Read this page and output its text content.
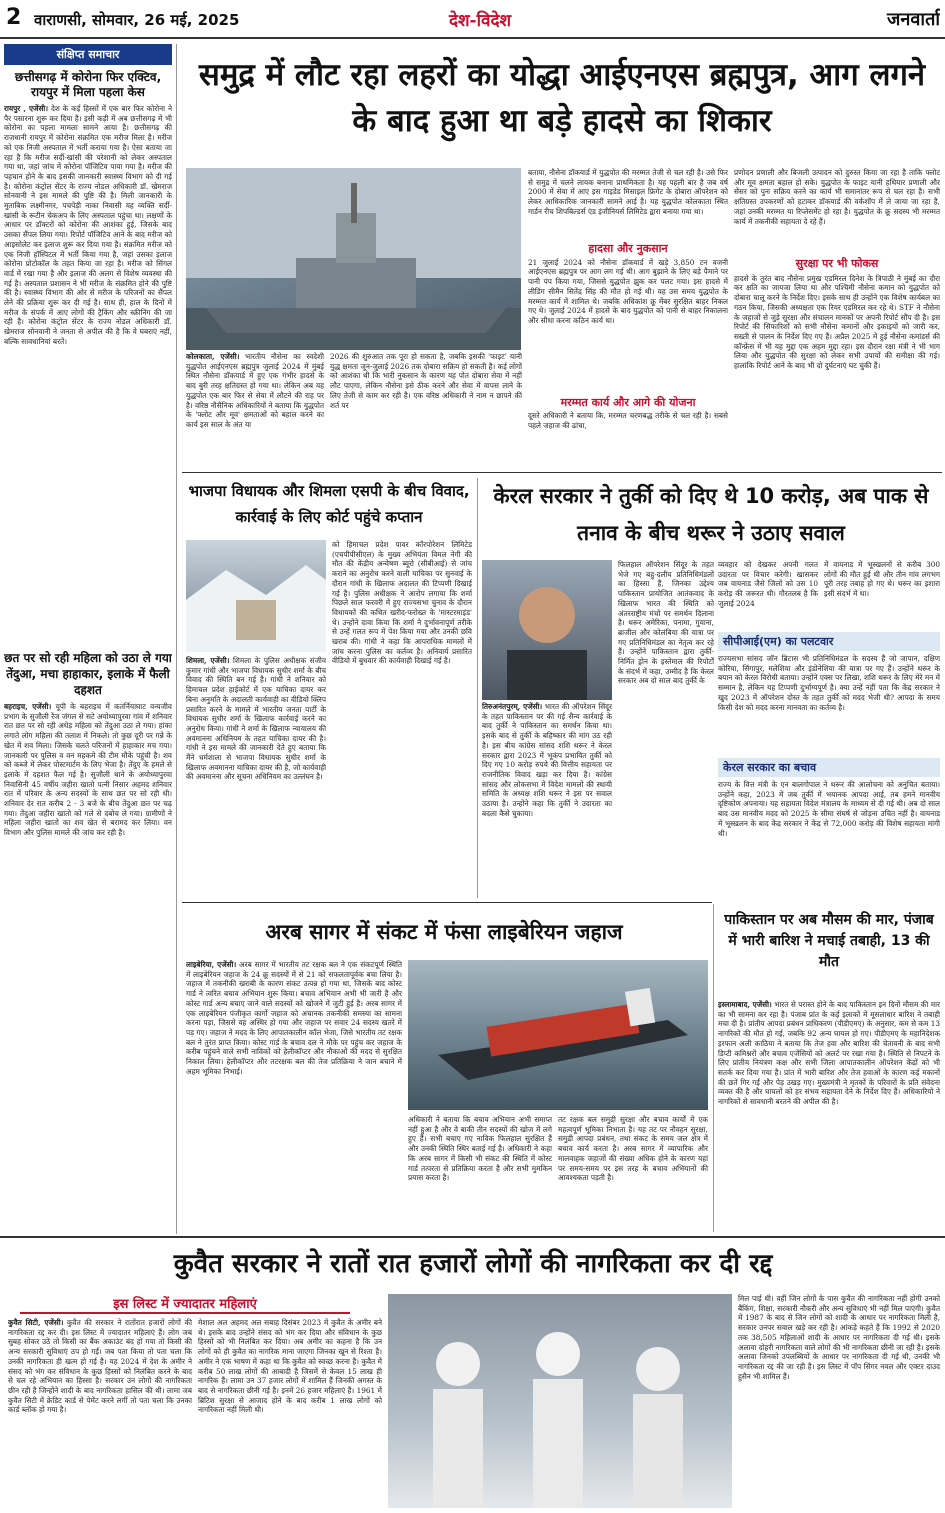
2 वाराणसी, सोमवार, 26 मई, 2025	देश-विदेश	जनवार्ता
संक्षिप्त समाचार
छत्तीसगढ़ में कोरोना फिर एक्टिव, रायपुर में मिला पहला केस
रायपुर , एजेंसी। देश के कई हिस्सों में एक बार फिर कोरोना ने पैर पसारना शुरू कर दिया है। इसी कड़ी में अब छत्तीसगढ़ में भी कोरोना का पहला मामला सामने आया है। छत्तीसगढ़ की राजधानी रायपुर में कोरोना संक्रमित एक मरीज मिला है। मरीज को एक निजी अस्पताल में भर्ती कराया गया है। ऐसा बताया जा रहा है कि मरीज सर्दी-खांसी की परेशानी को लेकर अस्पताल गया था, जहां जांच में कोरोना पॉजिटिव पाया गया है। मरीज की पहचान होने के बाद इसकी जानकारी स्वास्थ्य विभाग को दी गई है। कोरोना कंट्रोल सेंटर के राज्य नोडल अधिकारी डॉ. खेमराज सोनवानी ने इस मामले की पुष्टि की है। मिली जानकारी के मुताबिक लक्ष्मीनगर, पचपेड़ी नाका निवासी यह व्यक्ति सर्दी-खांसी के रूटीन चेकअप के लिए अस्पताल पहुंचा था। लक्षणों के आधार पर डॉक्टरों को कोरोना की आशंका हुई, जिसके बाद उसका सैंपल लिया गया। रिपोर्ट पॉजिटिव आने के बाद मरीज को आइसोलेट कर इलाज शुरू कर दिया गया है। संक्रमित मरीज को एक निजी हॉस्पिटल में भर्ती किया गया है, जहां उसका इलाज कोरोना प्रोटोकॉल के तहत किया जा रहा है। मरीज को सिंगल वार्ड में रखा गया है और इलाज की अलग से विशेष व्यवस्था की गई है। अस्पताल प्रशासन ने भी मरीज के संक्रमित होने की पुष्टि की है। स्वास्थ्य विभाग की ओर से मरीज के परिजनों का सैंपल लेने की प्रक्रिया शुरू कर दी गई है। साथ ही, हाल के दिनों में मरीज के संपर्क में आए लोगों की ट्रैकिंग और स्क्रीनिंग की जा रही है। कोरोना कंट्रोल सेंटर के राज्य नोडल अधिकारी डॉ. खेमराज सोनवानी ने जनता से अपील की है कि वे घबराएं नहीं, बल्कि सावधानियां बरतें।
छत पर सो रही महिला को उठा ले गया तेंदुआ, मचा हाहाकार, इलाके में फैली दहशत
बहराइच, एजेंसी। यूपी के बहराइच में कतर्नियाघाट वन्यजीव प्रभाग के सुजौली रेंज जंगल से सटे अयोध्यापुरवा गांव में शनिवार रात छत पर सो रही अधेड़ महिला को तेंदुआ उठा ले गया। हांका लगाते लोग महिला की तलाश में निकले। तो कुछ दूरी पर गन्ने के खेत में शव मिला। जिसके चलते परिजनों में हाहाकार मच गया। जानकारी पर पुलिस व वन महकमे की टीम मौके पहुंची है। शव को कब्जे में लेकर पोस्टमार्टम के लिए भेजा है। तेंदुए के हमले से इलाके में दहशत फैल गई है। सुजौली थाने के अयोध्यापुरवा निवासिनी 45 वर्षीय जहीरा खातो पत्नी निसार अहमद शनिवार रात में परिवार के अन्य सदस्यों के साथ छत पर सो रही थी। शनिवार देर रात करीब 2 - 3 बजे के बीच तेंदुआ छत पर चढ़ गया। तेंदुआ जहीरा खातो को गले से दबोच ले गया। ग्रामीणों ने महिला जहीरा खातो का शव खेत से बरामद कर लिया। वन विभाग और पुलिस मामले की जांच कर रही है।
समुद्र में लौट रहा लहरों का योद्धा आईएनएस ब्रह्मपुत्र, आग लगने के बाद हुआ था बड़े हादसे का शिकार
कोलकाता, एजेंसी। भारतीय नौसेना का स्वदेशी युद्धपोत आईएनएस ब्रह्मपुत्र जुलाई 2024 में मुंबई स्थित नौसेना डॉकयार्ड में हुए एक गंभीर हादसे के बाद बुरी तरह क्षतिग्रस्त हो गया था। लेकिन अब यह युद्धपोत एक बार फिर से सेवा में लौटने की राह पर है। वरिष्ठ नौसैनिक अधिकारियों ने बताया कि युद्धपोत के 'फ्लोट और मूव' क्षमताओं को बहाल करने का कार्य इस साल के अंत या
2026 की शुरुआत तक पूरा हो सकता है, जबकि इसकी 'फाइट' यानी युद्ध क्षमता जून-जुलाई 2026 तक दोबारा सक्रिय हो सकती है। कई लोगों को आशंका थी कि भारी नुकसान के कारण यह पोत दोबारा सेवा में नहीं लौट पाएगा, लेकिन नौसेना इसे ठीक करने और सेवा में वापस लाने के लिए तेजी से काम कर रही है। एक वरिष्ठ अधिकारी ने नाम न छापने की शर्त पर
बताया, नौसेना डॉकयार्ड में युद्धपोत की मरम्मत तेजी से चल रही है। उसे फिर से समुद्र में चलने लायक बनाना प्राथमिकता है। यह पहली बार है जब वर्ष 2000 में सेवा में आए इस गाइडेड मिसाइल फ्रिगेट के दोबारा ऑपरेशन को लेकर आधिकारिक जानकारी सामने आई है। यह युद्धपोत कोलकाता स्थित गार्डन रीच शिपबिल्डर्स एंड इंजीनियर्स लिमिटेड द्वारा बनाया गया था।
हादसा और नुकसान
21 जुलाई 2024 को नौसेना डॉकयार्ड में खड़े 3,850 टन वजनी आईएनएस ब्रह्मपुत्र पर आग लग गई थी। आग बुझाने के लिए बड़े पैमाने पर पानी पंप किया गया, जिससे युद्धपोत झुक कर पलट गया। इस हादसे में लीडिंग सीमैन सितेंद्र सिंह की मौत हो गई थी। वह उस समय युद्धपोत के मरम्मत कार्य में शामिल थे। जबकि अधिकांश क्रू मेंबर सुरक्षित बाहर निकल गए थे। जुलाई 2024 में हादसे के बाद युद्धपोत को पानी से बाहर निकालना और सीधा करना कठिन कार्य था।
मरम्मत कार्य और आगे की योजना
दूसरे अधिकारी ने बताया कि, मरम्मत चरणबद्ध तरीके से चल रही है। सबसे पहले जहाज की ढांचा,
प्रणोदन प्रणाली और बिजली उत्पादन को दुरुस्त किया जा रहा है ताकि फ्लोट और मूव क्षमता बहाल हो सके। युद्धपोत के फाइट यानी हथियार प्रणाली और सेंसर को पुनः सक्रिय करने का कार्य भी समानांतर रूप से चल रहा है। सभी क्षतिग्रस्त उपकरणों को हटाकर डॉकयार्ड की वर्कशॉप में ले जाया जा रहा है, जहां उनकी मरम्मत या रिप्लेसमेंट हो रहा है। युद्धपोत के क्रू सदस्य भी मरम्मत कार्य में तकनीकी सहायता दे रहे हैं।
सुरक्षा पर भी फोकस
हादसे के तुरंत बाद नौसेना प्रमुख एडमिरल दिनेश के त्रिपाठी ने मुंबई का दौरा कर क्षति का जायजा लिया था और पश्चिमी नौसेना कमान को युद्धपोत को दोबारा चालू करने के निर्देश दिए। इसके साथ ही उन्होंने एक विशेष कार्यबल का गठन किया, जिसकी अध्यक्षता एक रियर एडमिरल कर रहे थे। STF ने नौसेना के जहाजों से जुड़े सुरक्षा और संचालन मानकों पर अपनी रिपोर्ट सौंप दी है। इस रिपोर्ट की सिफारिशों को सभी नौसेना कमानों और इकाइयों को जारी कर, सख्ती से पालन के निर्देश दिए गए हैं। अप्रैल 2025 में हुई नौसेना कमांडर्स की कॉन्फ्रेंस में भी यह मुद्दा एक अहम मुद्दा रहा। इस दौरान रक्षा मंत्री ने भी भाग लिया और युद्धपोत की सुरक्षा को लेकर सभी उपायों की समीक्षा की गई। हालांकि रिपोर्ट आने के बाद भी दो दुर्घटनाएं घट चुकी हैं।
भाजपा विधायक और शिमला एसपी के बीच विवाद, कार्रवाई के लिए कोर्ट पहुंचे कप्तान
शिमला, एजेंसी। शिमला के पुलिस अधीक्षक संजीव कुमार गांधी और भाजपा विधायक सुधीर शर्मा के बीच विवाद की स्थिति बन गई है। गांधी ने शनिवार को हिमाचल प्रदेश हाईकोर्ट में एक याचिका दायर कर बिना अनुमति के अदालती कार्यवाही का वीडियो क्लिप प्रसारित करने के मामले में भारतीय जनता पार्टी के विधायक सुधीर शर्मा के खिलाफ कार्रवाई करने का अनुरोध किया। गांधी ने शर्मा के खिलाफ न्यायालय की अवमानना अधिनियम के तहत याचिका दायर की है। गांधी ने इस मामले की जानकारी देते हुए बताया कि मैंने धर्मशाला से भाजपा विधायक सुधीर शर्मा के खिलाफ अवमानना याचिका दायर की है, जो कार्यवाही की अवमानना और सूचना अधिनियम का उल्लंघन है।
को हिमाचल प्रदेश पावर कॉरपोरेशन लिमिटेड (एचपीपीसीएल) के मुख्य अभियंता विमल नेगी की मौत की केंद्रीय अन्वेषण ब्यूरो (सीबीआई) से जांच कराने का अनुरोध करने वाली याचिका पर सुनवाई के दौरान गांधी के खिलाफ अदालत की टिप्पणी दिखाई गई है। पुलिस अधीक्षक ने आरोप लगाया कि शर्मा पिछले साल फरवरी में हुए राज्यसभा चुनाव के दौरान विधायकों की कथित खरीद-फरोख्त के 'मास्टरमाइंड' थे। उन्होंने दावा किया कि शर्मा ने दुर्भावनापूर्ण तरीके से उन्हें गलत रूप में पेश किया गया और उनकी छवि खराब की। गांधी ने कहा कि आपराधिक मामलों में जांच करना पुलिस का कर्तव्य है। अनिवार्य प्रसारित वीडियो में बुधवार की कार्यवाही दिखाई गई है।
केरल सरकार ने तुर्की को दिए थे 10 करोड़, अब पाक से तनाव के बीच थरूर ने उठाए सवाल
तिरुअनंतपुरम्, एजेंसी। भारत की ऑपरेशन सिंदूर के तहत पाकिस्तान पर की गई सैन्य कार्रवाई के बाद तुर्की ने पाकिस्तान का समर्थन किया था। इसके बाद से तुर्की के बहिष्कार की मांग उठ रही है। इस बीच कांग्रेस सांसद शशि थरूर ने केरल सरकार द्वारा 2023 में भूकंप प्रभावित तुर्की को दिए गए 10 करोड़ रुपये की वित्तीय सहायता पर राजनीतिक विवाद खड़ा कर दिया है। कांग्रेस सांसद और लोकसभा में विदेश मामलों की स्थायी समिति के अध्यक्ष शशि थरूर ने इस पर सवाल उठाया है। उन्होंने कहा कि तुर्की ने उदारता का बदला कैसे चुकाया।
फिलहाल ऑपरेशन सिंदूर के तहत भेजे गए बहु-दलीय प्रतिनिधिमंडलों का हिस्सा हैं, जिनका उद्देश्य पाकिस्तान प्रायोजित आतंकवाद के खिलाफ भारत की स्थिति को अंतरराष्ट्रीय मंचों पर समर्थन दिलाना है। थरूर अमेरिका, पनामा, गुयाना, ब्राजील और कोलंबिया की यात्रा पर गए प्रतिनिधिमंडल का नेतृत्व कर रहे हैं। उन्होंने पाकिस्तान द्वारा तुर्की-निर्मित ड्रोन के इस्तेमाल की रिपोर्टों के संदर्भ में कहा, उम्मीद है कि केरल सरकार अब दो साल बाद तुर्की के
व्यवहार को देखकर अपनी गलत उदारता पर विचार करेगी। खासकर जब वायनाड जैसे जिलों को उस 10 करोड़ की जरूरत थी। गौरतलब है कि जुलाई 2024
में वायनाड में भूस्खलनों से करीब 300 लोगों की मौत हुई थी और तीन गांव लगभग पूरी तरह तबाह हो गए थे। थरूर का इशारा इसी संदर्भ में था।
सीपीआई(एम) का पलटवार
राज्यसभा सांसद जॉन ब्रिटास भी प्रतिनिधिमंडल के सदस्य हैं जो जापान, दक्षिण कोरिया, सिंगापुर, मलेशिया और इंडोनेशिया की यात्रा पर गए हैं। उन्होंने थरूर के बयान को केरल विरोधी बताया। उन्होंने एक्स पर लिखा, शशि थरूर के लिए मेरे मन में सम्मान है, लेकिन यह टिप्पणी दुर्भाग्यपूर्ण है। क्या उन्हें नहीं पता कि केंद्र सरकार ने खुद 2023 में ऑपरेशन दोस्त के तहत तुर्की को मदद भेजी थी? आपदा के समय किसी देश को मदद करना मानवता का कर्तव्य है।
केरल सरकार का बचाव
राज्य के वित्त मंत्री के एन बालगोपाल ने थरूर की आलोचना को अनुचित बताया। उन्होंने कहा, 2023 में जब तुर्की में भयानक आपदा आई, तब हमने मानवीय दृष्टिकोण अपनाया। यह सहायता विदेश मंत्रालय के माध्यम से दी गई थी। अब दो साल बाद उस मानवीय मदद को 2025 के सीमा संघर्ष से जोड़ना उचित नहीं है। वायनाड में भूस्खलन के बाद केंद्र सरकार ने केंद्र से 72,000 करोड़ की विशेष सहायता मांगी थी।
अरब सागर में संकट में फंसा लाइबेरियन जहाज
लाइबेरिया, एजेंसी। अरब सागर में भारतीय तट रक्षक बल ने एक संकटपूर्ण स्थिति में लाइबेरियन जहाज के 24 क्रू सदस्यों में से 21 को सफलतापूर्वक बचा लिया है। जहाज में तकनीकी खराबी के कारण संकट उत्पन्न हो गया था, जिसके बाद कोस्ट गार्ड ने त्वरित बचाव अभियान शुरू किया। बचाव अभियान अभी भी जारी है और कोस्ट गार्ड अन्य बचाए जाने वाले सदस्यों को खोजने में जुटी हुई है। अरब सागर में एक लाइबेरियन पंजीकृत कार्गो जहाज को अचानक तकनीकी समस्या का सामना करना पड़ा, जिससे वह अस्थिर हो गया और जहाज पर सवार 24 सदस्य खतरे में पड़ गए। जहाज ने मदद के लिए आपातकालीन कॉल भेजा, जिसे भारतीय तट रक्षक बल ने तुरंत प्राप्त किया। कोस्ट गार्ड के बचाव दल ने मौके पर पहुंच कर जहाज के करीब पहुंचने वाले सभी नाविकों को हेलीकॉप्टर और नौकाओं की मदद से सुरक्षित निकाल लिया। हेलीकॉप्टर और तटरक्षक बल की तेज प्रतिक्रिया ने जान बचाने में अहम भूमिका निभाई।
अधिकारी ने बताया कि बचाव अभियान अभी समाप्त नहीं हुआ है और वे बाकी तीन सदस्यों की खोज में लगे हुए हैं। सभी बचाए गए नाविक फिलहाल सुरक्षित हैं और उनकी स्थिति स्थिर बताई गई है। अधिकारी ने कहा कि अरब सागर में किसी भी संकट की स्थिति में कोस्ट गार्ड तत्परता से प्रतिक्रिया करता है और सभी मुमकिन प्रयास करता है।
तट रक्षक बल समुद्री सुरक्षा और बचाव कार्यों में एक महत्वपूर्ण भूमिका निभाता है। यह तट पर नौवहन सुरक्षा, समुद्री आपदा प्रबंधन, तथा संकट के समय जल क्षेत्र में बचाव कार्य करता है। अरब सागर में व्यापारिक और मालवाहक जहाजों की संख्या अधिक होने के कारण यहां पर समय-समय पर इस तरह के बचाव अभियानों की आवश्यकता पड़ती है।
पाकिस्तान पर अब मौसम की मार, पंजाब में भारी बारिश ने मचाई तबाही, 13 की मौत
इस्लामाबाद, एजेंसी। भारत से परास्त होने के बाद पाकिस्तान इन दिनों मौसम की मार का भी सामना कर रहा है। पंजाब प्रांत के कई इलाकों में मूसलाधार बारिश ने तबाही मचा दी है। प्रांतीय आपदा प्रबंधन प्राधिकरण (पीडीएमए) के अनुसार, कम से कम 13 नागरिकों की मौत हो गई, जबकि 92 अन्य घायल हो गए। पीडीएमए के महानिदेशक इरफान अली काठिया ने बताया कि तेज हवा और बारिश की चेतावनी के बाद सभी डिप्टी कमिश्नरों और बचाव एजेंसियों को अलर्ट पर रखा गया है। स्थिति से निपटने के लिए प्रांतीय नियंत्रण कक्ष और सभी जिला आपातकालीन ऑपरेशन केंद्रों को भी सतर्क कर दिया गया है। प्रांत में भारी बारिश और तेज हवाओं के कारण कई मकानों की छतें गिर गईं और पेड़ उखड़ गए। मुख्यमंत्री ने मृतकों के परिवारों के प्रति संवेदना व्यक्त की है और घायलों को हर संभव सहायता देने के निर्देश दिए हैं। अधिकारियों ने नागरिकों से सावधानी बरतने की अपील की है।
कुवैत सरकार ने रातों रात हजारों लोगों की नागरिकता कर दी रद्द
इस लिस्ट में ज्यादातर महिलाएं
कुवैत सिटी, एजेंसी। कुवैत की सरकार ने रातोंरात हजारों लोगों की नागरिकता रद्द कर दी। इस लिस्ट में ज्यादातर महिलाएं हैं। लोग जब सुबह सोकर उठे तो किसी का बैंक अकाउंट बंद हो गया तो किसी की अन्य सरकारी सुविधाएं ठप हो गईं। जब पता किया तो पता चला कि उनकी नागरिकता ही खत्म हो गई है। यह 2024 में देश के अमीर ने संसद को भंग कर संविधान के कुछ हिस्सों को निलंबित करने के बाद से चल रहे अभियान का हिस्सा है। सरकार उन लोगों की नागरिकता छीन रही है जिन्होंने शादी के बाद नागरिकता हासिल की थी। लामा जब कुवैत सिटी में क्रेडिट कार्ड से पेमेंट करने लगीं तो पता चला कि उनका कार्ड ब्लॉक हो गया है।
मेशाल अल अहमद अल सबाह दिसंबर 2023 में कुवैत के अमीर बने थे। इसके बाद उन्होंने संसद को भंग कर दिया और संविधान के कुछ हिस्सों को भी निलंबित कर दिया। अब अमीर का कहना है कि उन लोगों को ही कुवैत का नागरिक माना जाएगा जिनका खून से रिश्ता है। अमीर ने एक भाषण में कहा था कि कुवैत को स्वच्छ करना है। कुवैत में करीब 50 लाख लोगों की आबादी है जिसमें से केवल 15 लाख ही नागरिक हैं। लामा उन 37 हजार लोगों में शामिल हैं जिनकी अगस्त के बाद से नागरिकता छीनी गई है। इनमें 26 हजार महिलाएं हैं। 1961 में ब्रिटिश सुरक्षा से आजाद होने के बाद करीब 1 लाख लोगों को नागरिकता नहीं मिली थी।
मिल पाई थी। वहीं जिन लोगों के पास कुवैत की नागरिकता नहीं होगी उनको बैंकिंग, शिक्षा, सरकारी नौकरी और अन्य सुविधाएं भी नहीं मिल पाएंगी। कुवैत में 1987 के बाद से जिन लोगों को शादी के आधार पर नागरिकता मिली है, सरकार उनपर सवाल खड़े कर रही है। आंकड़े कहते हैं कि 1992 से 2020 तक 38,505 महिलाओं शादी के आधार पर नागरिकता दी गई थी। इसके अलावा दोहरी नागरिकता वाले लोगों की भी नागरिकता छीनी जा रही है। इसके अलावा जिनको उपलब्धियों के आधार पर नागरिकता दी गई थी, उनकी भी नागरिकता रद्द की जा रही है। इस लिस्ट में पॉप सिंगर नवल और एक्टर दाउद हुसैन भी शामिल हैं।
